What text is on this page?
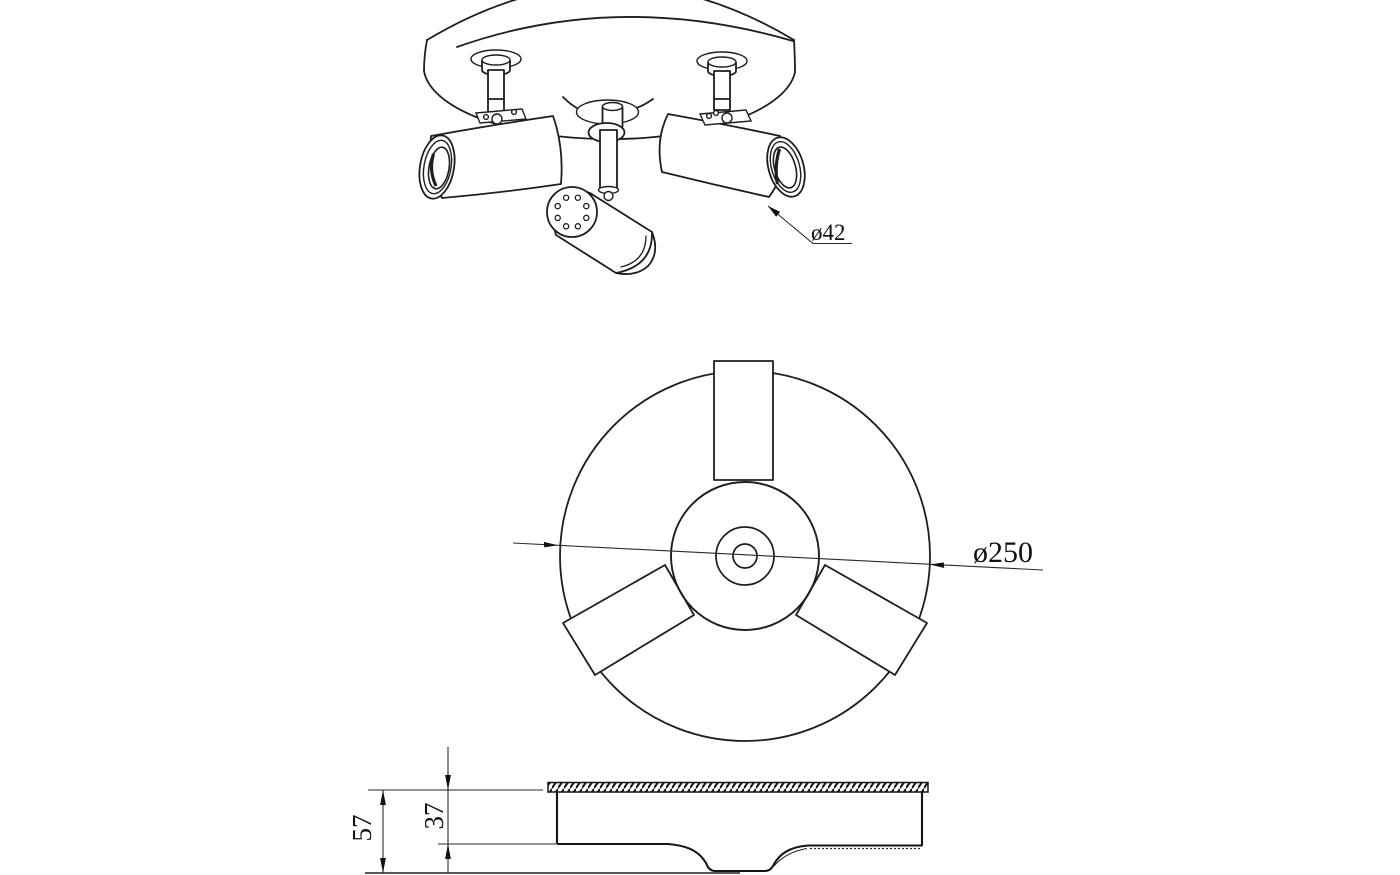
ø42
ø250
57 37
